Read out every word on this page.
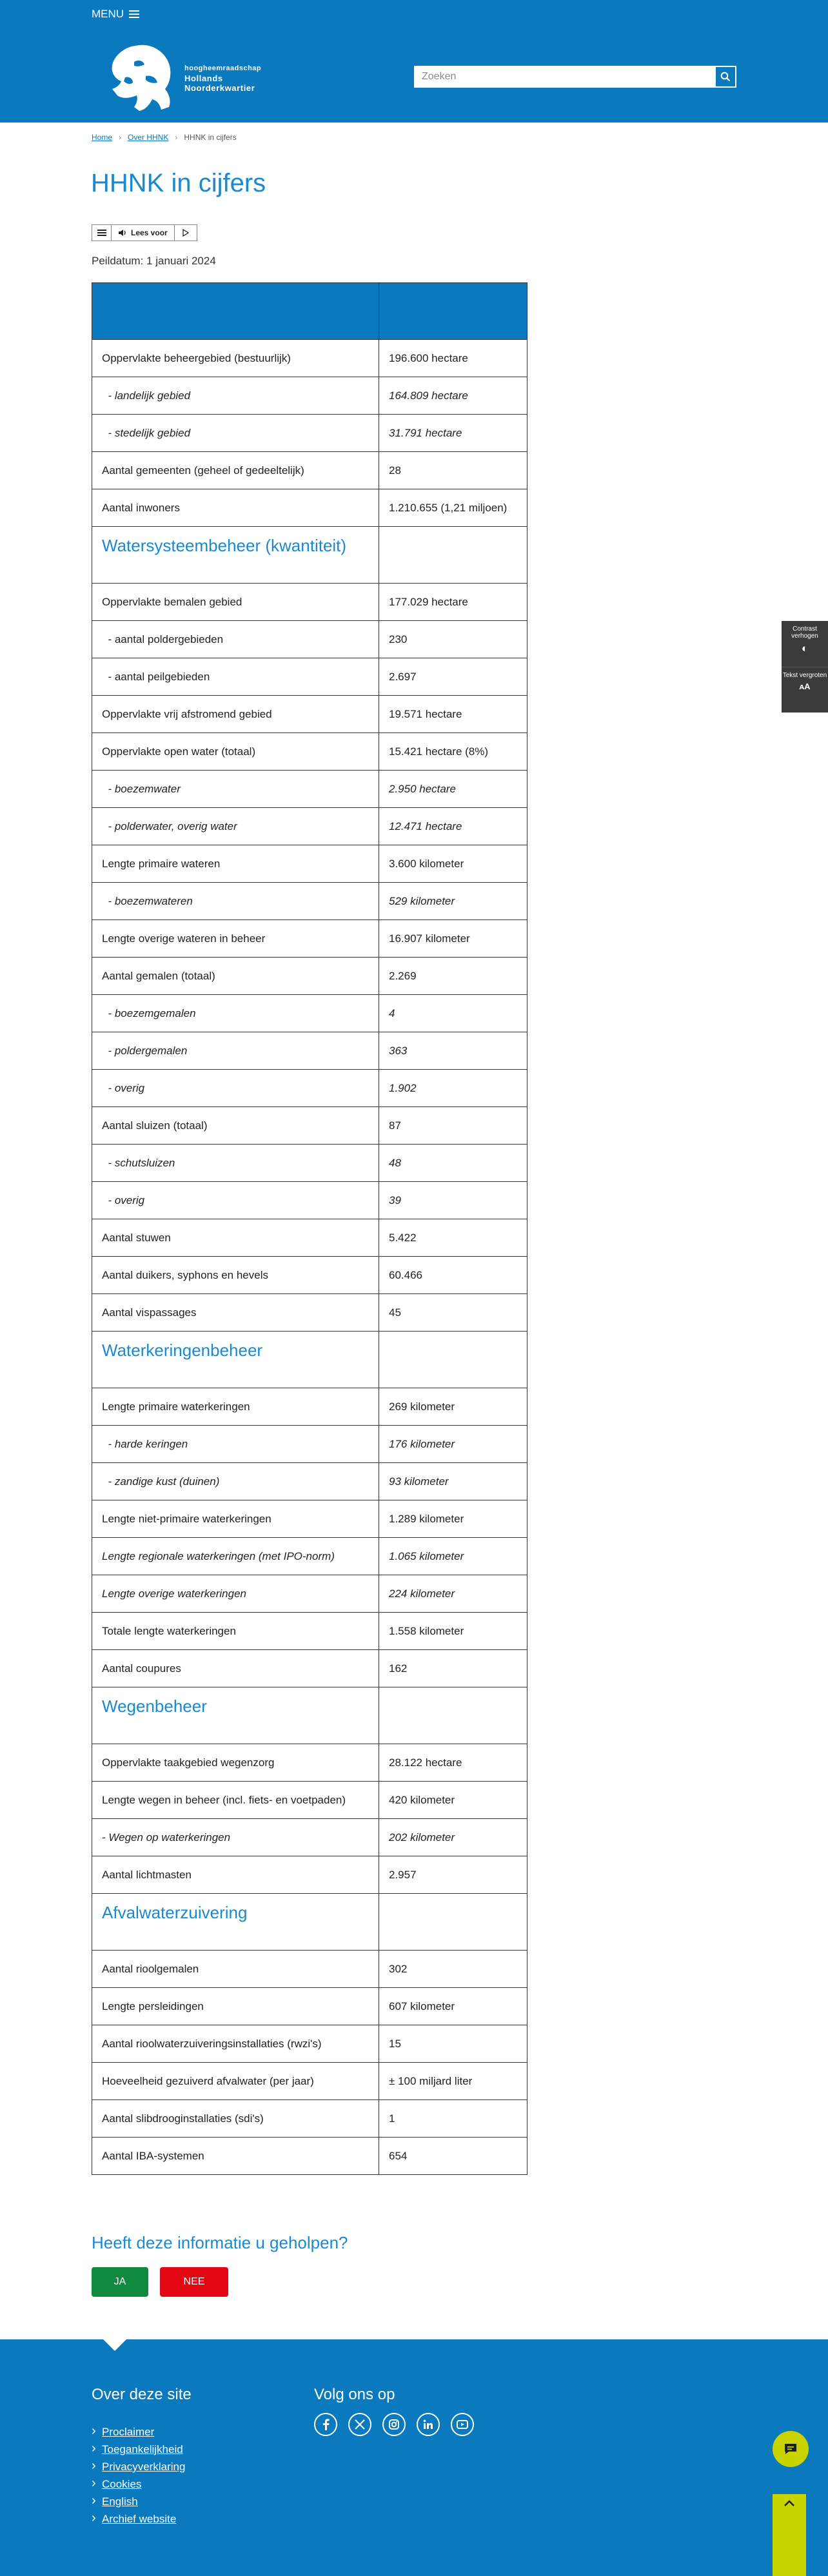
MENU
hoogheemraadschap
Hollands
Noorderkwartier
Zoeken
Home › Over HHNK › HHNK in cijfers
HHNK in cijfers
Lees voor
Peildatum: 1 januari 2024

Oppervlakte beheergebied (bestuurlijk)	196.600 hectare
- landelijk gebied	164.809 hectare
- stedelijk gebied	31.791 hectare
Aantal gemeenten (geheel of gedeeltelijk)	28
Aantal inwoners	1.210.655 (1,21 miljoen)
Watersysteembeheer (kwantiteit)	
Oppervlakte bemalen gebied	177.029 hectare
- aantal poldergebieden	230
- aantal peilgebieden	2.697
Oppervlakte vrij afstromend gebied	19.571 hectare
Oppervlakte open water (totaal)	15.421 hectare (8%)
- boezemwater	2.950 hectare
- polderwater, overig water	12.471 hectare
Lengte primaire wateren	3.600 kilometer
- boezemwateren	529 kilometer
Lengte overige wateren in beheer	16.907 kilometer
Aantal gemalen (totaal)	2.269
- boezemgemalen	4
- poldergemalen	363
- overig	1.902
Aantal sluizen (totaal)	87
- schutsluizen	48
- overig	39
Aantal stuwen	5.422
Aantal duikers, syphons en hevels	60.466
Aantal vispassages	45
Waterkeringenbeheer	
Lengte primaire waterkeringen	269 kilometer
- harde keringen	176 kilometer
- zandige kust (duinen)	93 kilometer
Lengte niet-primaire waterkeringen	1.289 kilometer
Lengte regionale waterkeringen (met IPO-norm)	1.065 kilometer
Lengte overige waterkeringen	224 kilometer
Totale lengte waterkeringen	1.558 kilometer
Aantal coupures	162
Wegenbeheer	
Oppervlakte taakgebied wegenzorg	28.122 hectare
Lengte wegen in beheer (incl. fiets- en voetpaden)	420 kilometer
- Wegen op waterkeringen	202 kilometer
Aantal lichtmasten	2.957
Afvalwaterzuivering	
Aantal rioolgemalen	302
Lengte persleidingen	607 kilometer
Aantal rioolwaterzuiveringsinstallaties (rwzi's)	15
Hoeveelheid gezuiverd afvalwater (per jaar)	± 100 miljard liter
Aantal slibdrooginstallaties (sdi's)	1
Aantal IBA-systemen	654
Heeft deze informatie u geholpen?
JA	NEE
Over deze site
› Proclaimer
› Toegankelijkheid
› Privacyverklaring
› Cookies
› English
› Archief website
Volg ons op
Contrast verhogen
◐
Tekst vergroten
ᴀA
